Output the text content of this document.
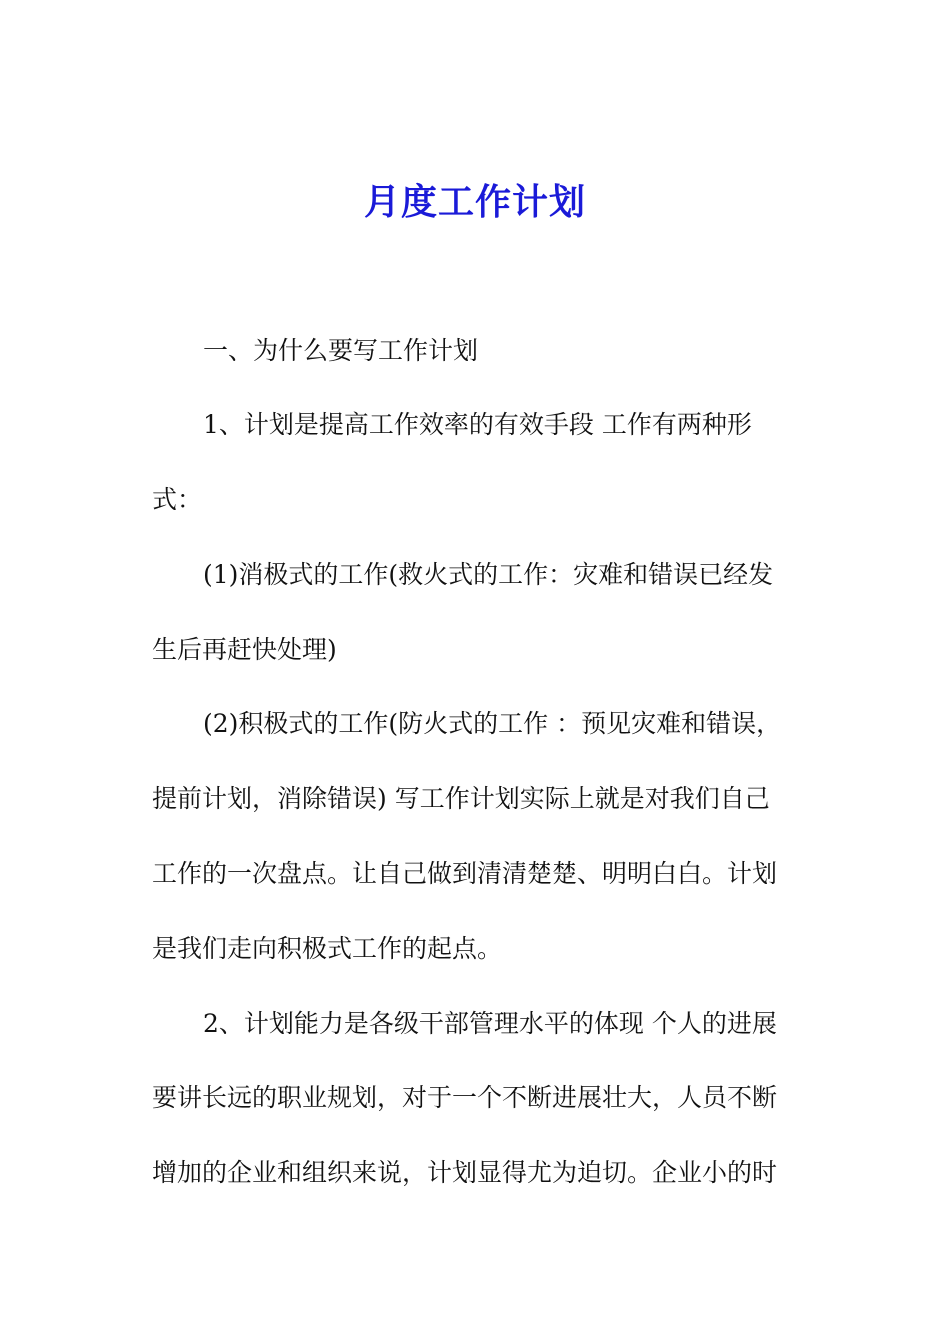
月度工作计划
一、为什么要写工作计划
1、计划是提高工作效率的有效手段 工作有两种形
式：
(1)消极式的工作(救火式的工作：灾难和错误已经发
生后再赶快处理)
(2)积极式的工作(防火式的工作 ：预见灾难和错误，
提前计划，消除错误) 写工作计划实际上就是对我们自己
工作的一次盘点。让自己做到清清楚楚、明明白白。计划
是我们走向积极式工作的起点。
2、计划能力是各级干部管理水平的体现 个人的进展
要讲长远的职业规划，对于一个不断进展壮大，人员不断
增加的企业和组织来说，计划显得尤为迫切。企业小的时
